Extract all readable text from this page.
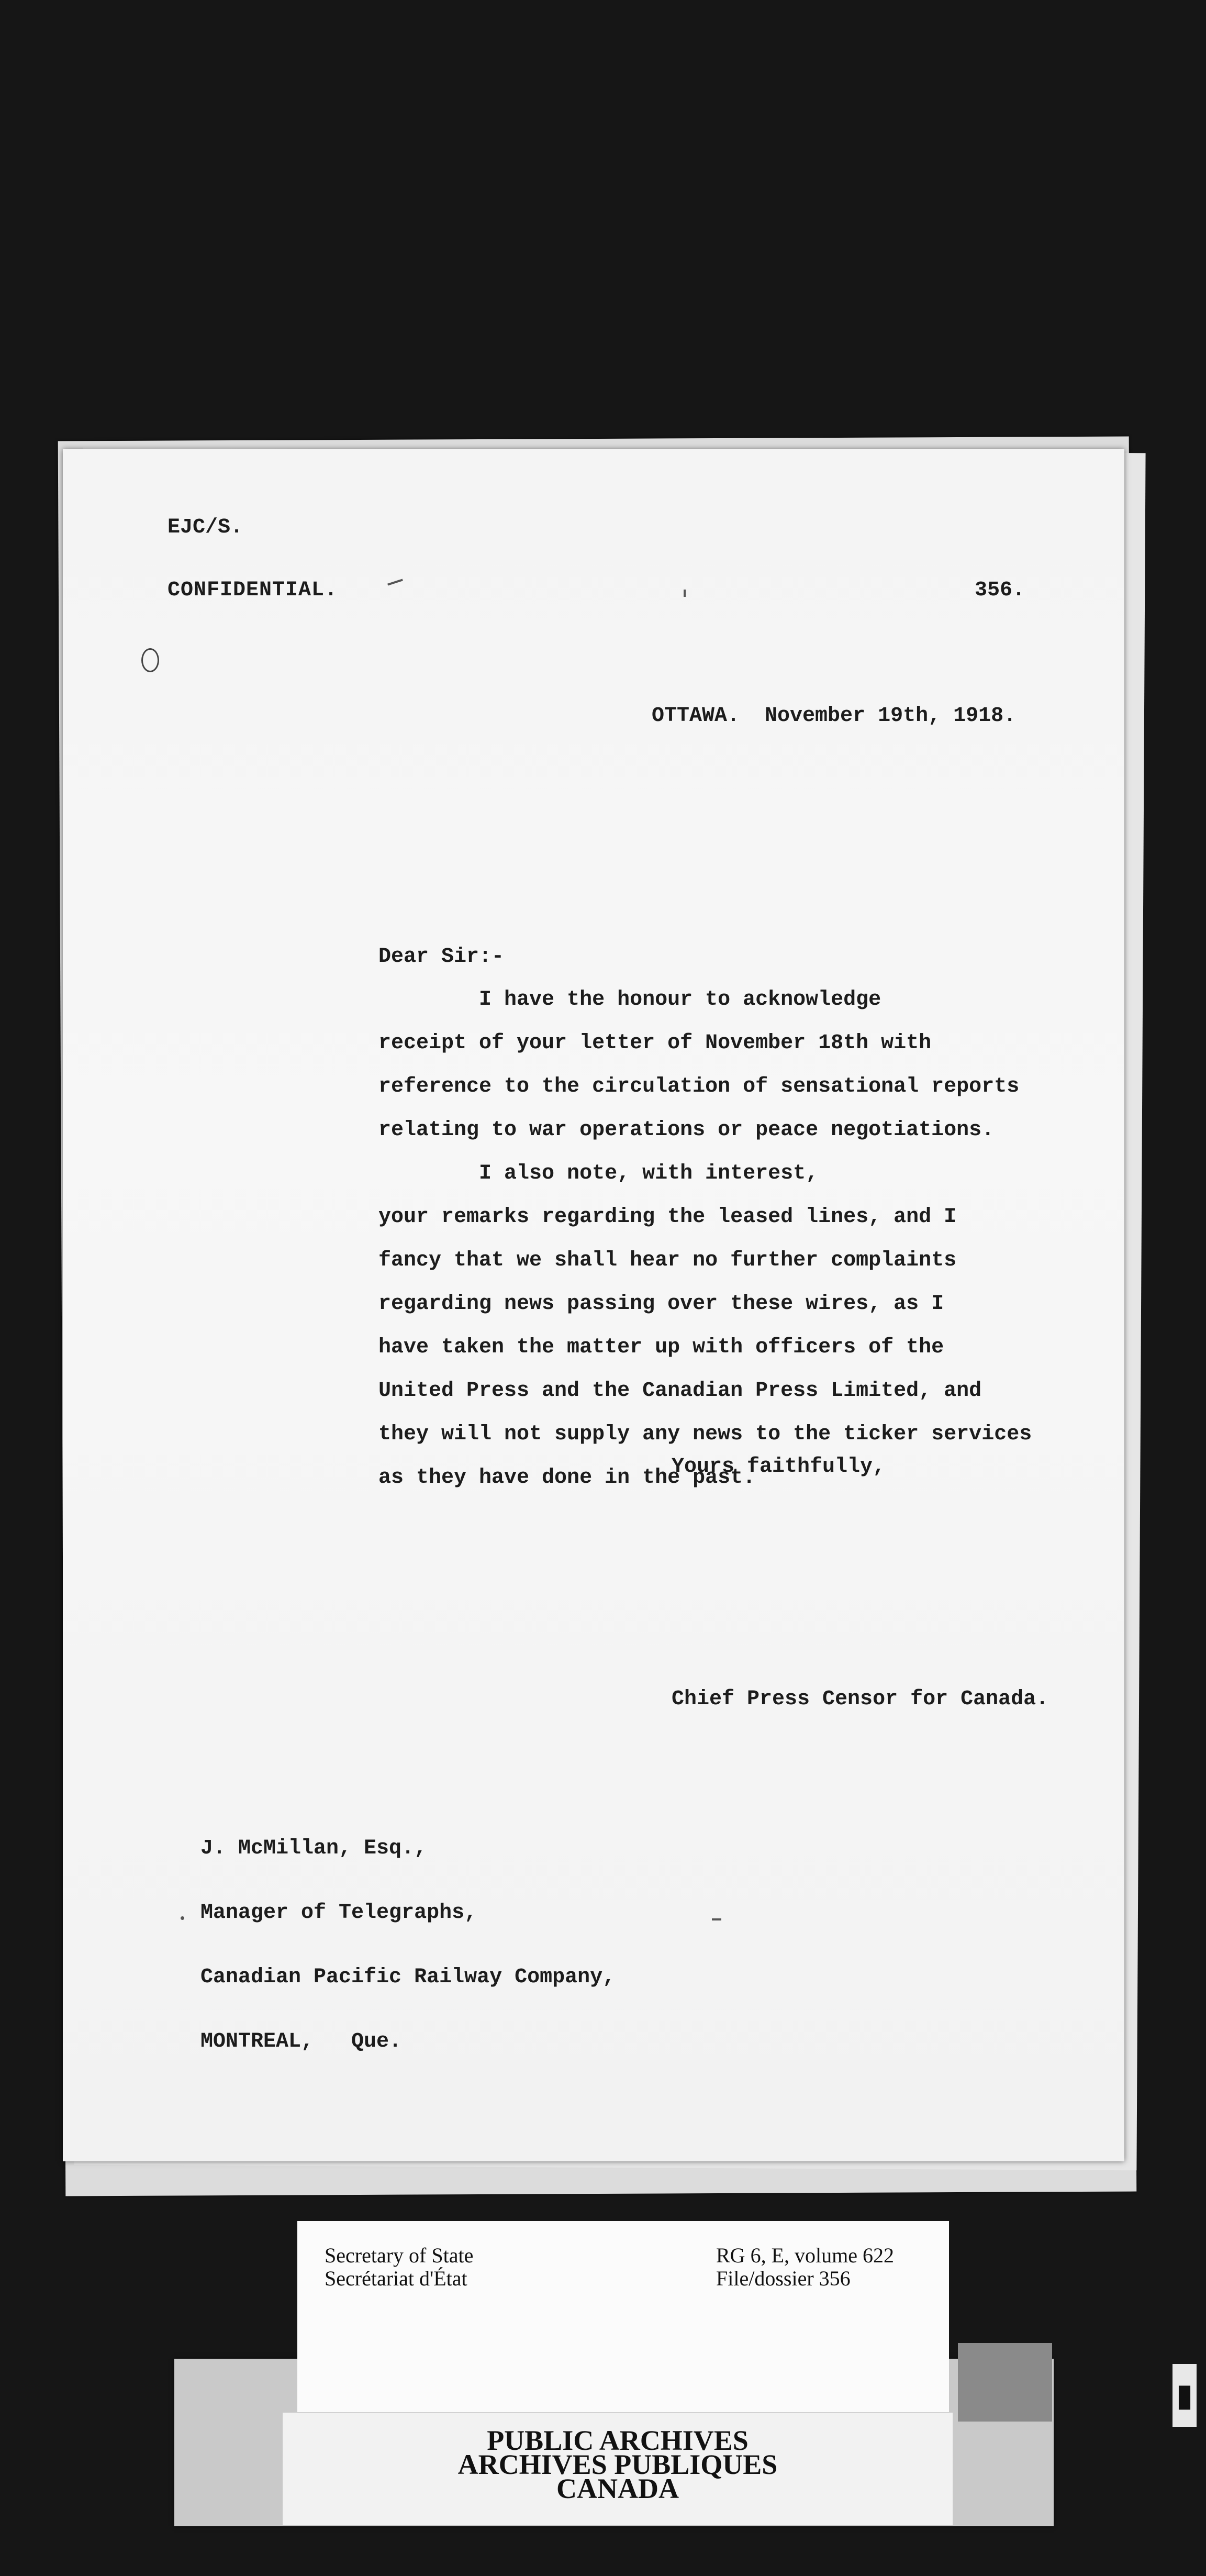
EJC/S.
CONFIDENTIAL.	356.
OTTAWA.  November 19th, 1918.
Dear Sir:-
I have the honour to acknowledge
receipt of your letter of November 18th with
reference to the circulation of sensational reports
relating to war operations or peace negotiations.
I also note, with interest,
your remarks regarding the leased lines, and I
fancy that we shall hear no further complaints
regarding news passing over these wires, as I
have taken the matter up with officers of the
United Press and the Canadian Press Limited, and
they will not supply any news to the ticker services
as they have done in the past.
Yours faithfully,
Chief Press Censor for Canada.

J. McMillan, Esq.,

Manager of Telegraphs,

Canadian Pacific Railway Company,

MONTREAL,   Que.

Secretary of State
Secrétariat d'État
RG 6, E, volume 622
File/dossier 356
PUBLIC ARCHIVES
ARCHIVES PUBLIQUES
CANADA
▮
